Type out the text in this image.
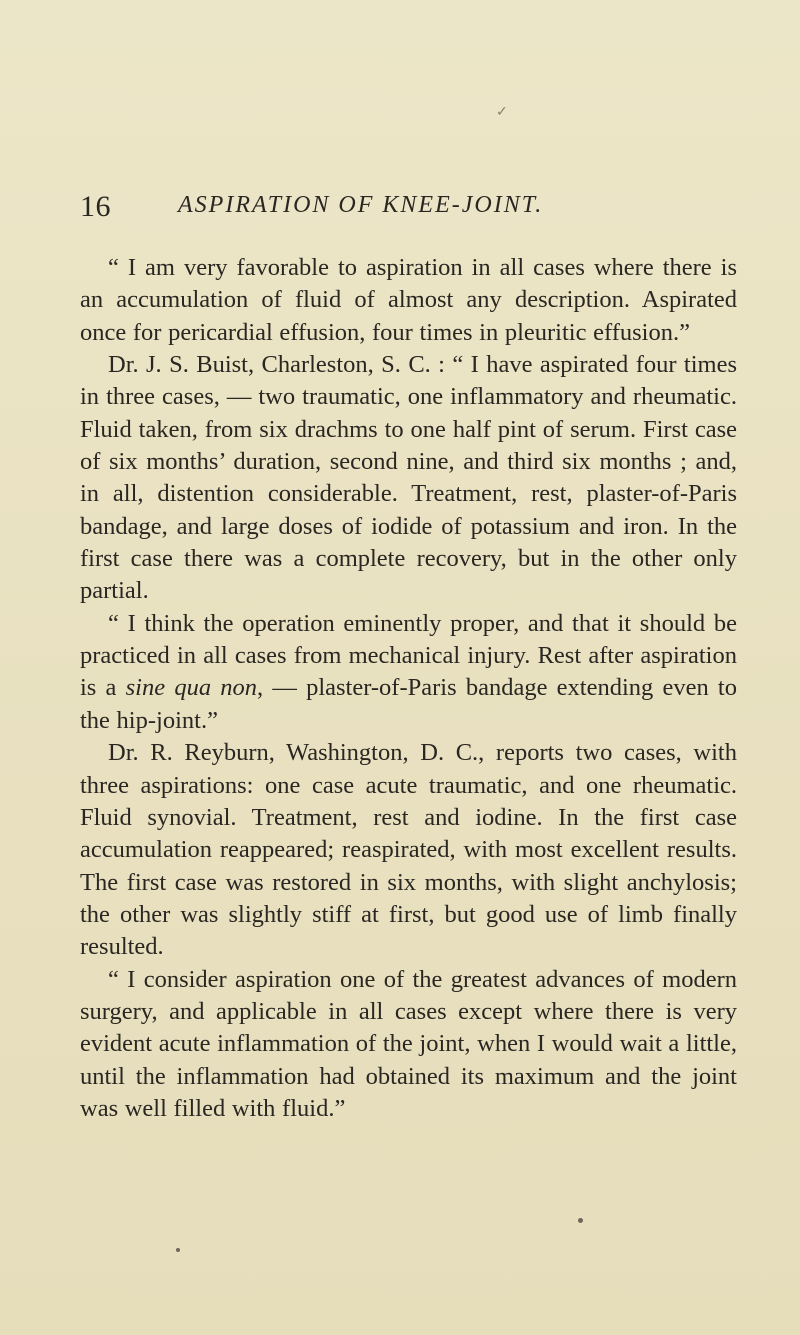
✓
16	ASPIRATION OF KNEE-JOINT.

“ I am very favorable to aspiration in all cases where there is an accumulation of fluid of almost any description. Aspirated once for pericardial effusion, four times in pleuritic effusion.”

Dr. J. S. Buist, Charleston, S. C. : “ I have aspirated four times in three cases, — two traumatic, one inflammatory and rheumatic. Fluid taken, from six drachms to one half pint of serum. First case of six months’ duration, second nine, and third six months ; and, in all, distention considerable. Treatment, rest, plaster-of-Paris bandage, and large doses of iodide of potassium and iron. In the first case there was a complete recovery, but in the other only partial.

“ I think the operation eminently proper, and that it should be practiced in all cases from mechanical injury. Rest after aspiration is a sine qua non, — plaster-of-Paris bandage extending even to the hip-joint.”

Dr. R. Reyburn, Washington, D. C., reports two cases, with three aspirations: one case acute traumatic, and one rheumatic. Fluid synovial. Treatment, rest and iodine. In the first case accumulation reappeared; reaspirated, with most excellent results. The first case was restored in six months, with slight anchylosis; the other was slightly stiff at first, but good use of limb finally resulted.

“ I consider aspiration one of the greatest advances of modern surgery, and applicable in all cases except where there is very evident acute inflammation of the joint, when I would wait a little, until the inflammation had obtained its maximum and the joint was well filled with fluid.”
